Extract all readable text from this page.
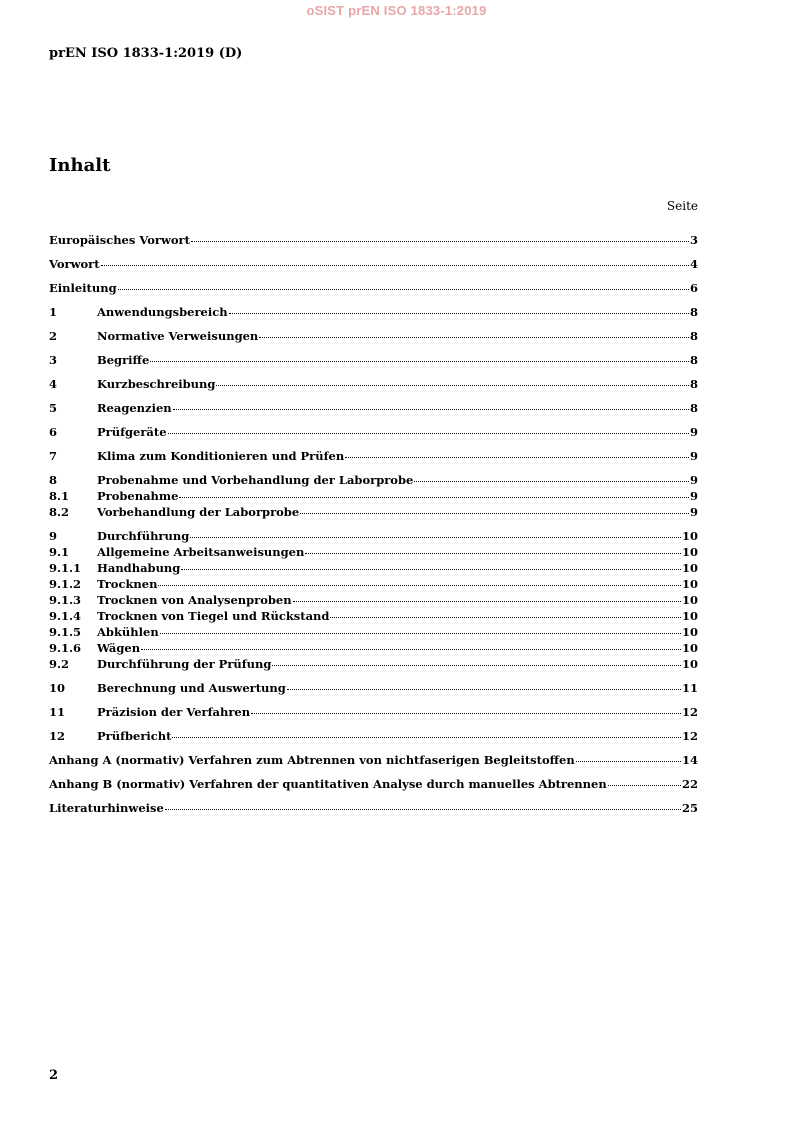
oSIST prEN ISO 1833-1:2019
prEN ISO 1833-1:2019 (D)
Inhalt
Seite
Europäisches Vorwort	3
Vorwort	4
Einleitung	6
1	Anwendungsbereich	8
2	Normative Verweisungen	8
3	Begriffe	8
4	Kurzbeschreibung	8
5	Reagenzien	8
6	Prüfgeräte	9
7	Klima zum Konditionieren und Prüfen	9
8	Probenahme und Vorbehandlung der Laborprobe	9
8.1	Probenahme	9
8.2	Vorbehandlung der Laborprobe	9
9	Durchführung	10
9.1	Allgemeine Arbeitsanweisungen	10
9.1.1	Handhabung	10
9.1.2	Trocknen	10
9.1.3	Trocknen von Analysenproben	10
9.1.4	Trocknen von Tiegel und Rückstand	10
9.1.5	Abkühlen	10
9.1.6	Wägen	10
9.2	Durchführung der Prüfung	10
10	Berechnung und Auswertung	11
11	Präzision der Verfahren	12
12	Prüfbericht	12
Anhang A (normativ) Verfahren zum Abtrennen von nichtfaserigen Begleitstoffen	14
Anhang B (normativ) Verfahren der quantitativen Analyse durch manuelles Abtrennen	22
Literaturhinweise	25
2
